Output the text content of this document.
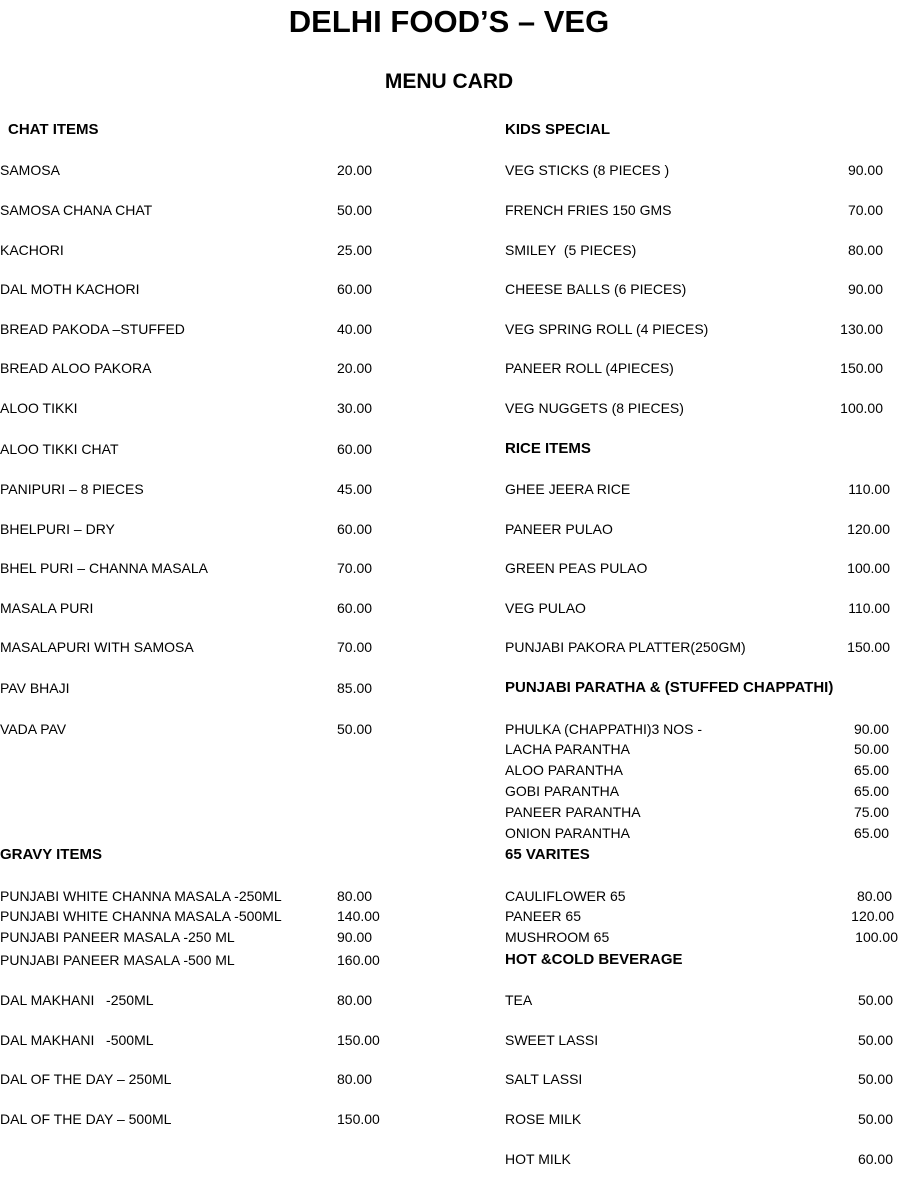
DELHI FOOD’S – VEG
MENU CARD
CHAT ITEMS
SAMOSA	20.00
SAMOSA CHANA CHAT	50.00
KACHORI	25.00
DAL MOTH KACHORI	60.00
BREAD PAKODA –STUFFED	40.00
BREAD ALOO PAKORA	20.00
ALOO TIKKI	30.00
ALOO TIKKI CHAT	60.00
PANIPURI – 8 PIECES	45.00
BHELPURI – DRY	60.00
BHEL PURI – CHANNA MASALA	70.00
MASALA PURI	60.00
MASALAPURI WITH SAMOSA	70.00
PAV BHAJI	85.00
VADA PAV	50.00
GRAVY ITEMS
PUNJABI WHITE CHANNA MASALA -250ML	80.00
PUNJABI WHITE CHANNA MASALA -500ML	140.00
PUNJABI PANEER MASALA -250 ML	90.00
PUNJABI PANEER MASALA -500 ML	160.00
DAL MAKHANI   -250ML	80.00
DAL MAKHANI   -500ML	150.00
DAL OF THE DAY – 250ML	80.00
DAL OF THE DAY – 500ML	150.00
KIDS SPECIAL
VEG STICKS (8 PIECES )	90.00
FRENCH FRIES 150 GMS	70.00
SMILEY  (5 PIECES)	80.00
CHEESE BALLS (6 PIECES)	90.00
VEG SPRING ROLL (4 PIECES)	130.00
PANEER ROLL (4PIECES)	150.00
VEG NUGGETS (8 PIECES)	100.00
RICE ITEMS
GHEE JEERA RICE	110.00
PANEER PULAO	120.00
GREEN PEAS PULAO	100.00
VEG PULAO	110.00
PUNJABI PAKORA PLATTER(250GM)	150.00
PUNJABI PARATHA & (STUFFED CHAPPATHI)
PHULKA (CHAPPATHI)3 NOS -	90.00
LACHA PARANTHA	50.00
ALOO PARANTHA	65.00
GOBI PARANTHA	65.00
PANEER PARANTHA	75.00
ONION PARANTHA	65.00
65 VARITES
CAULIFLOWER 65	80.00
PANEER 65	120.00
MUSHROOM 65	100.00
HOT &COLD BEVERAGE
TEA	50.00
SWEET LASSI	50.00
SALT LASSI	50.00
ROSE MILK	50.00
HOT MILK	60.00
